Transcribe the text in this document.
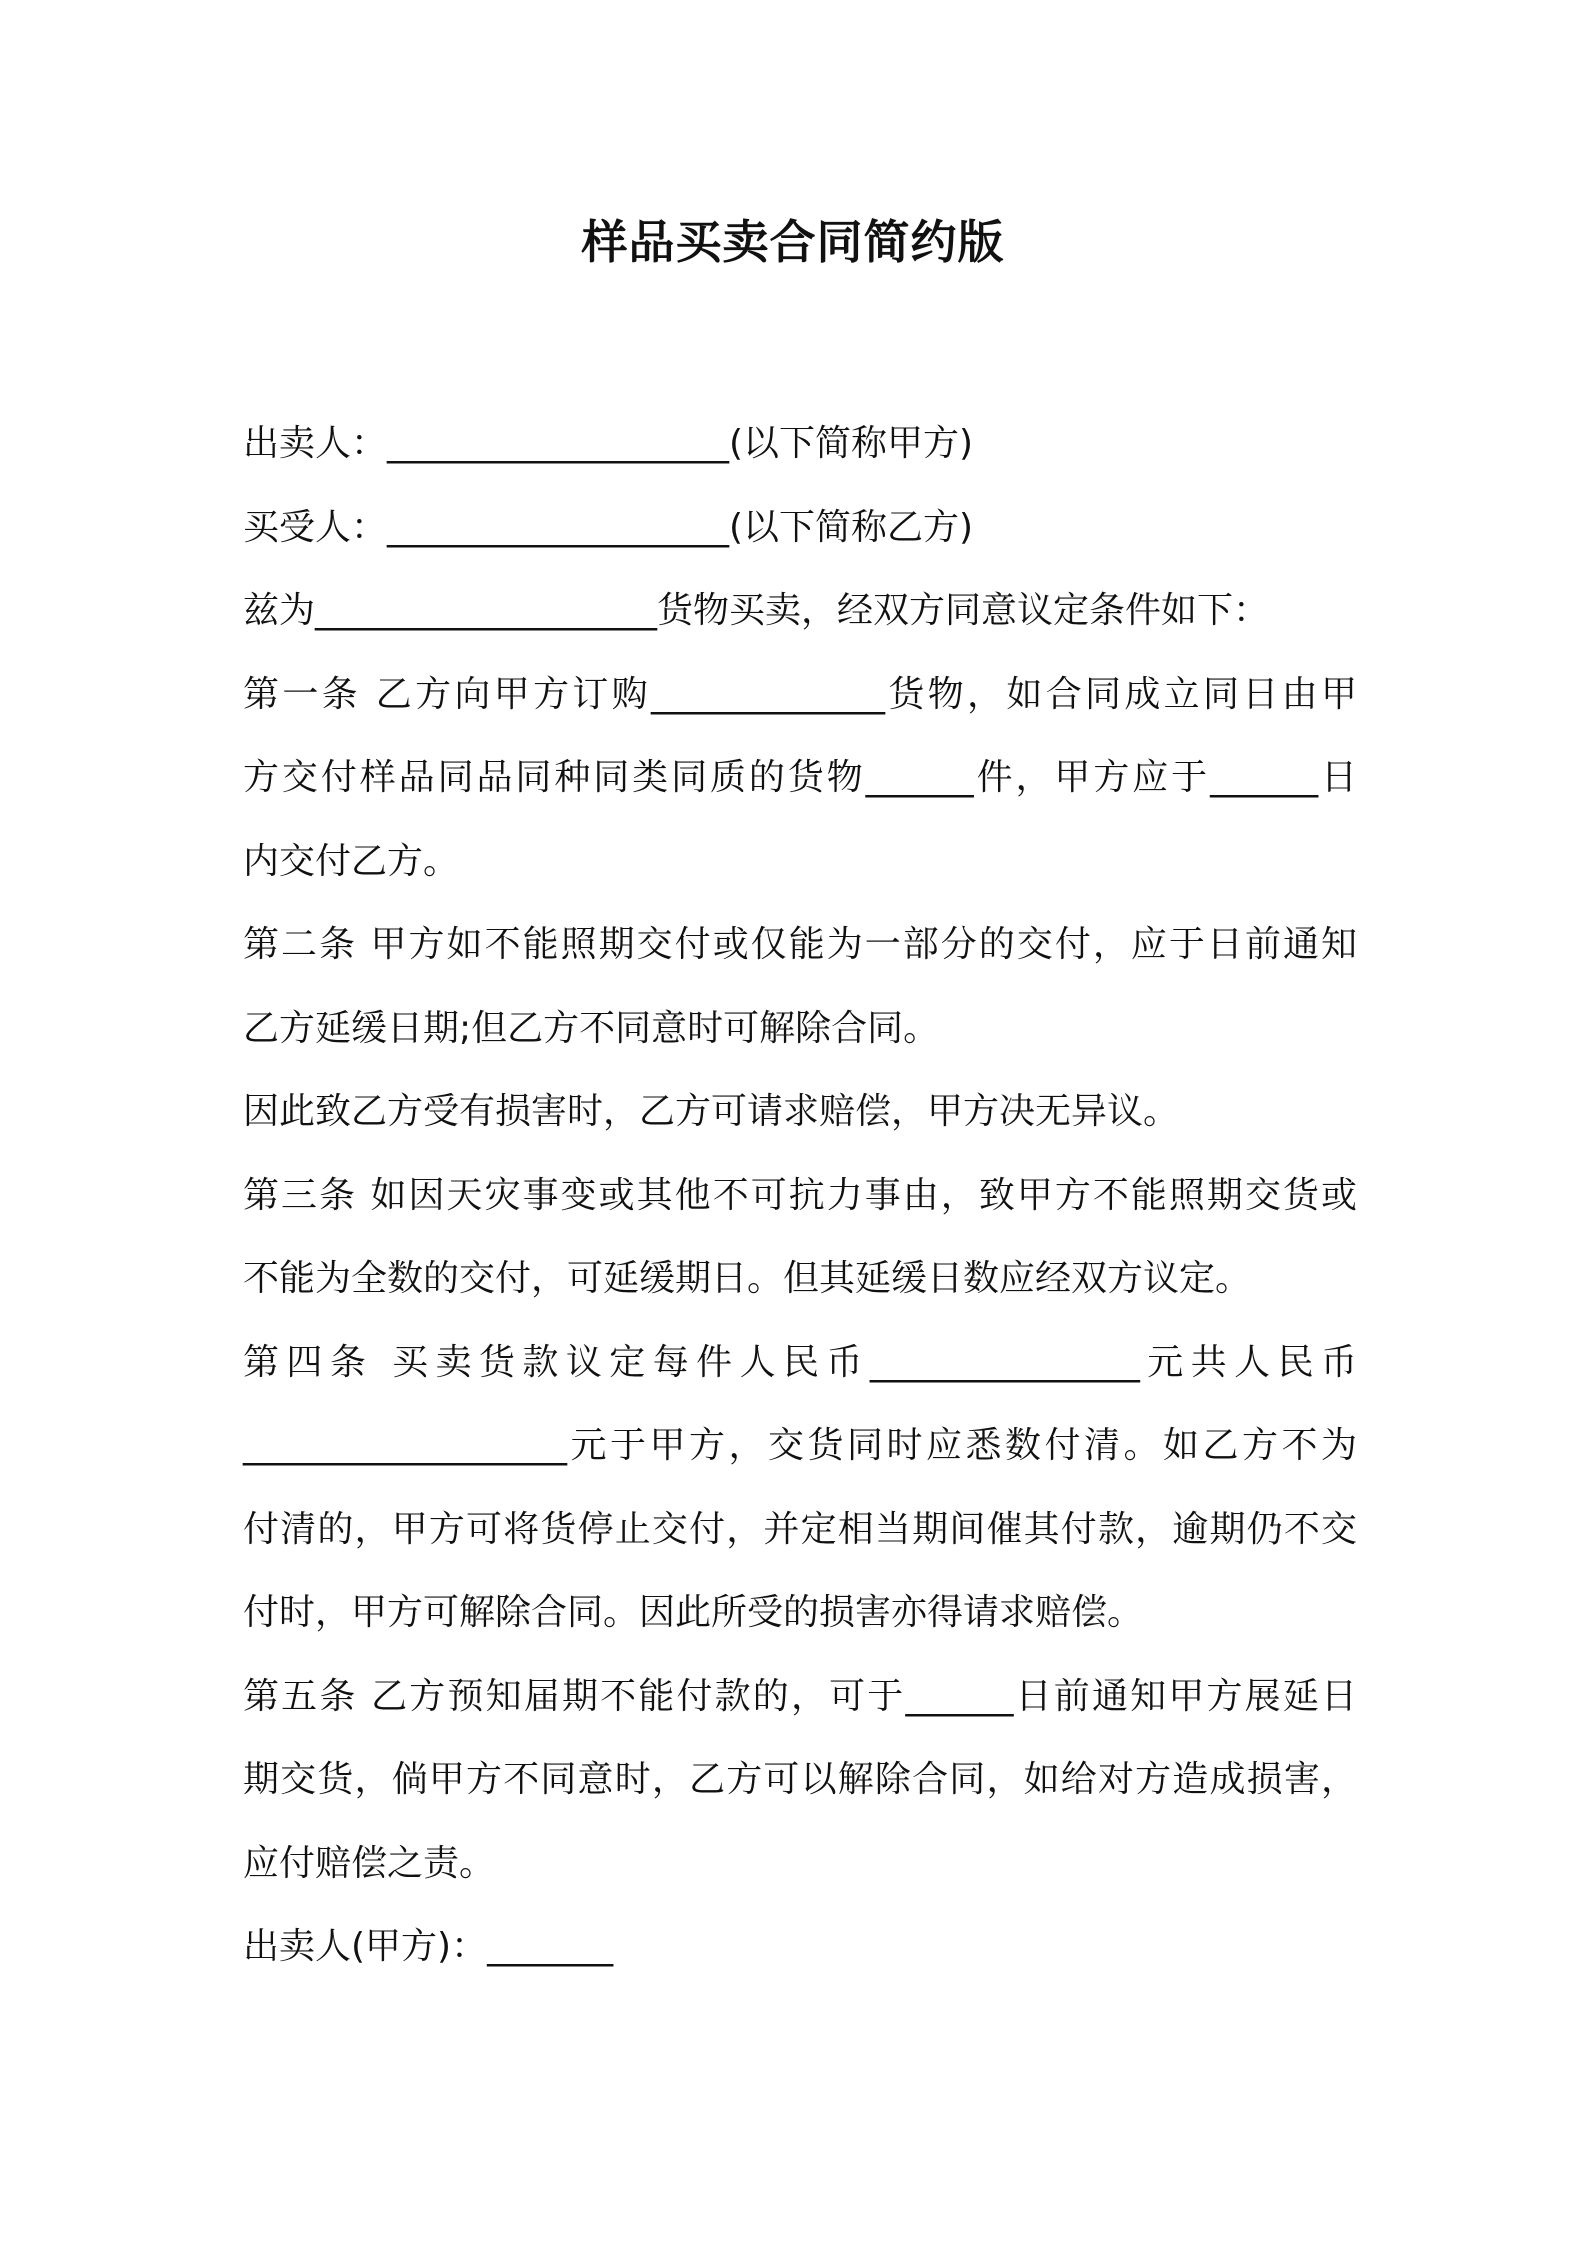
样品买卖合同简约版
出卖人：___________________(以下简称甲方)
买受人：___________________(以下简称乙方)
兹为___________________货物买卖，经双方同意议定条件如下：
第一条 乙方向甲方订购_____________货物，如合同成立同日由甲
方交付样品同品同种同类同质的货物______件，甲方应于______日
内交付乙方。
第二条 甲方如不能照期交付或仅能为一部分的交付，应于日前通知
乙方延缓日期;但乙方不同意时可解除合同。
因此致乙方受有损害时，乙方可请求赔偿，甲方决无异议。
第三条 如因天灾事变或其他不可抗力事由，致甲方不能照期交货或
不能为全数的交付，可延缓期日。但其延缓日数应经双方议定。
第四条 买卖货款议定每件人民币_______________元共人民币
__________________元于甲方，交货同时应悉数付清。如乙方不为
付清的，甲方可将货停止交付，并定相当期间催其付款，逾期仍不交
付时，甲方可解除合同。因此所受的损害亦得请求赔偿。
第五条 乙方预知届期不能付款的，可于______日前通知甲方展延日
期交货，倘甲方不同意时，乙方可以解除合同，如给对方造成损害，
应付赔偿之责。
出卖人(甲方)：_______
